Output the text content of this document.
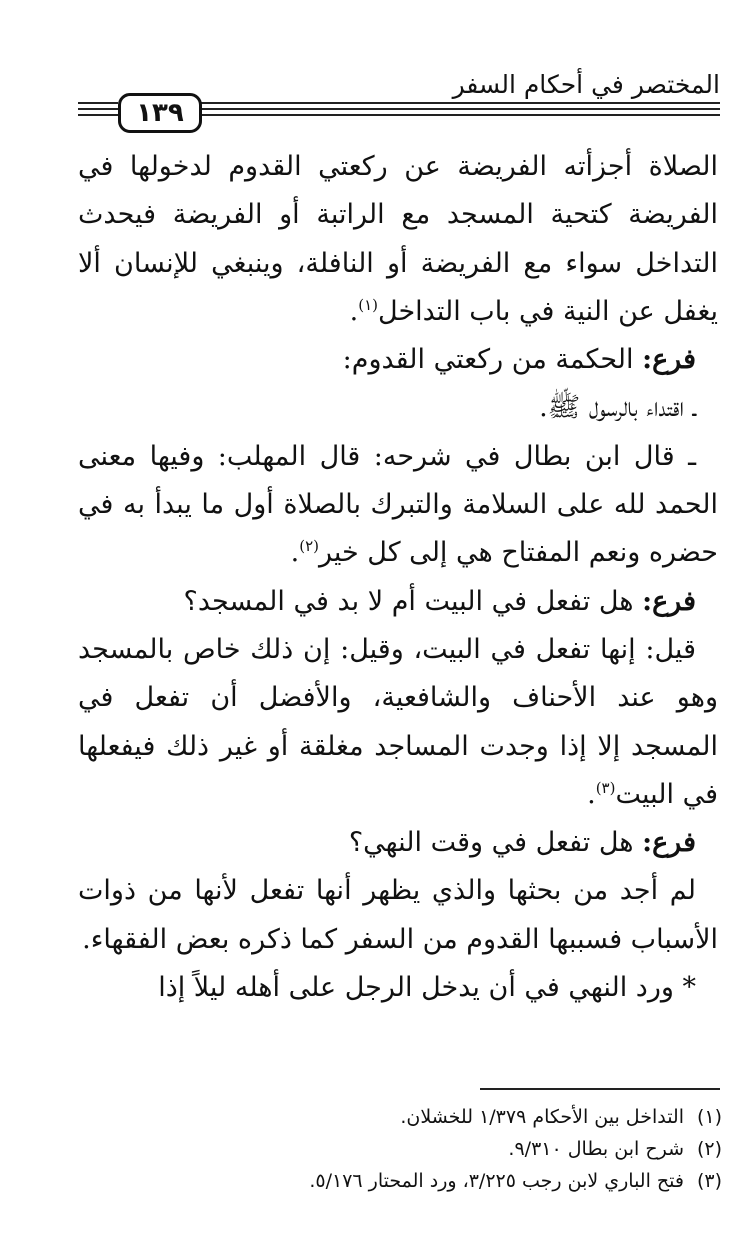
المختصر في أحكام السفر
١٣٩

الصلاة أجزأته الفريضة عن ركعتي القدوم لدخولها في الفريضة كتحية المسجد مع الراتبة أو الفريضة فيحدث التداخل سواء مع الفريضة أو النافلة، وينبغي للإنسان ألا يغفل عن النية في باب التداخل$^{(١)}$.

فرع: الحكمة من ركعتي القدوم:

ـ اقتداء بالرسول ﷺ.

ـ قال ابن بطال في شرحه: قال المهلب: وفيها معنى الحمد لله على السلامة والتبرك بالصلاة أول ما يبدأ به في حضره ونعم المفتاح هي إلى كل خير$^{(٢)}$.

فرع: هل تفعل في البيت أم لا بد في المسجد؟

قيل: إنها تفعل في البيت، وقيل: إن ذلك خاص بالمسجد وهو عند الأحناف والشافعية، والأفضل أن تفعل في المسجد إلا إذا وجدت المساجد مغلقة أو غير ذلك فيفعلها في البيت$^{(٣)}$.

فرع: هل تفعل في وقت النهي؟

لم أجد من بحثها والذي يظهر أنها تفعل لأنها من ذوات الأسباب فسببها القدوم من السفر كما ذكره بعض الفقهاء.

* ورد النهي في أن يدخل الرجل على أهله ليلاً إذا

(١)التداخل بين الأحكام ١/٣٧٩ للخشلان.
(٢)شرح ابن بطال ٩/٣١٠.
(٣)فتح الباري لابن رجب ٣/٢٢٥، ورد المحتار ٥/١٧٦.
